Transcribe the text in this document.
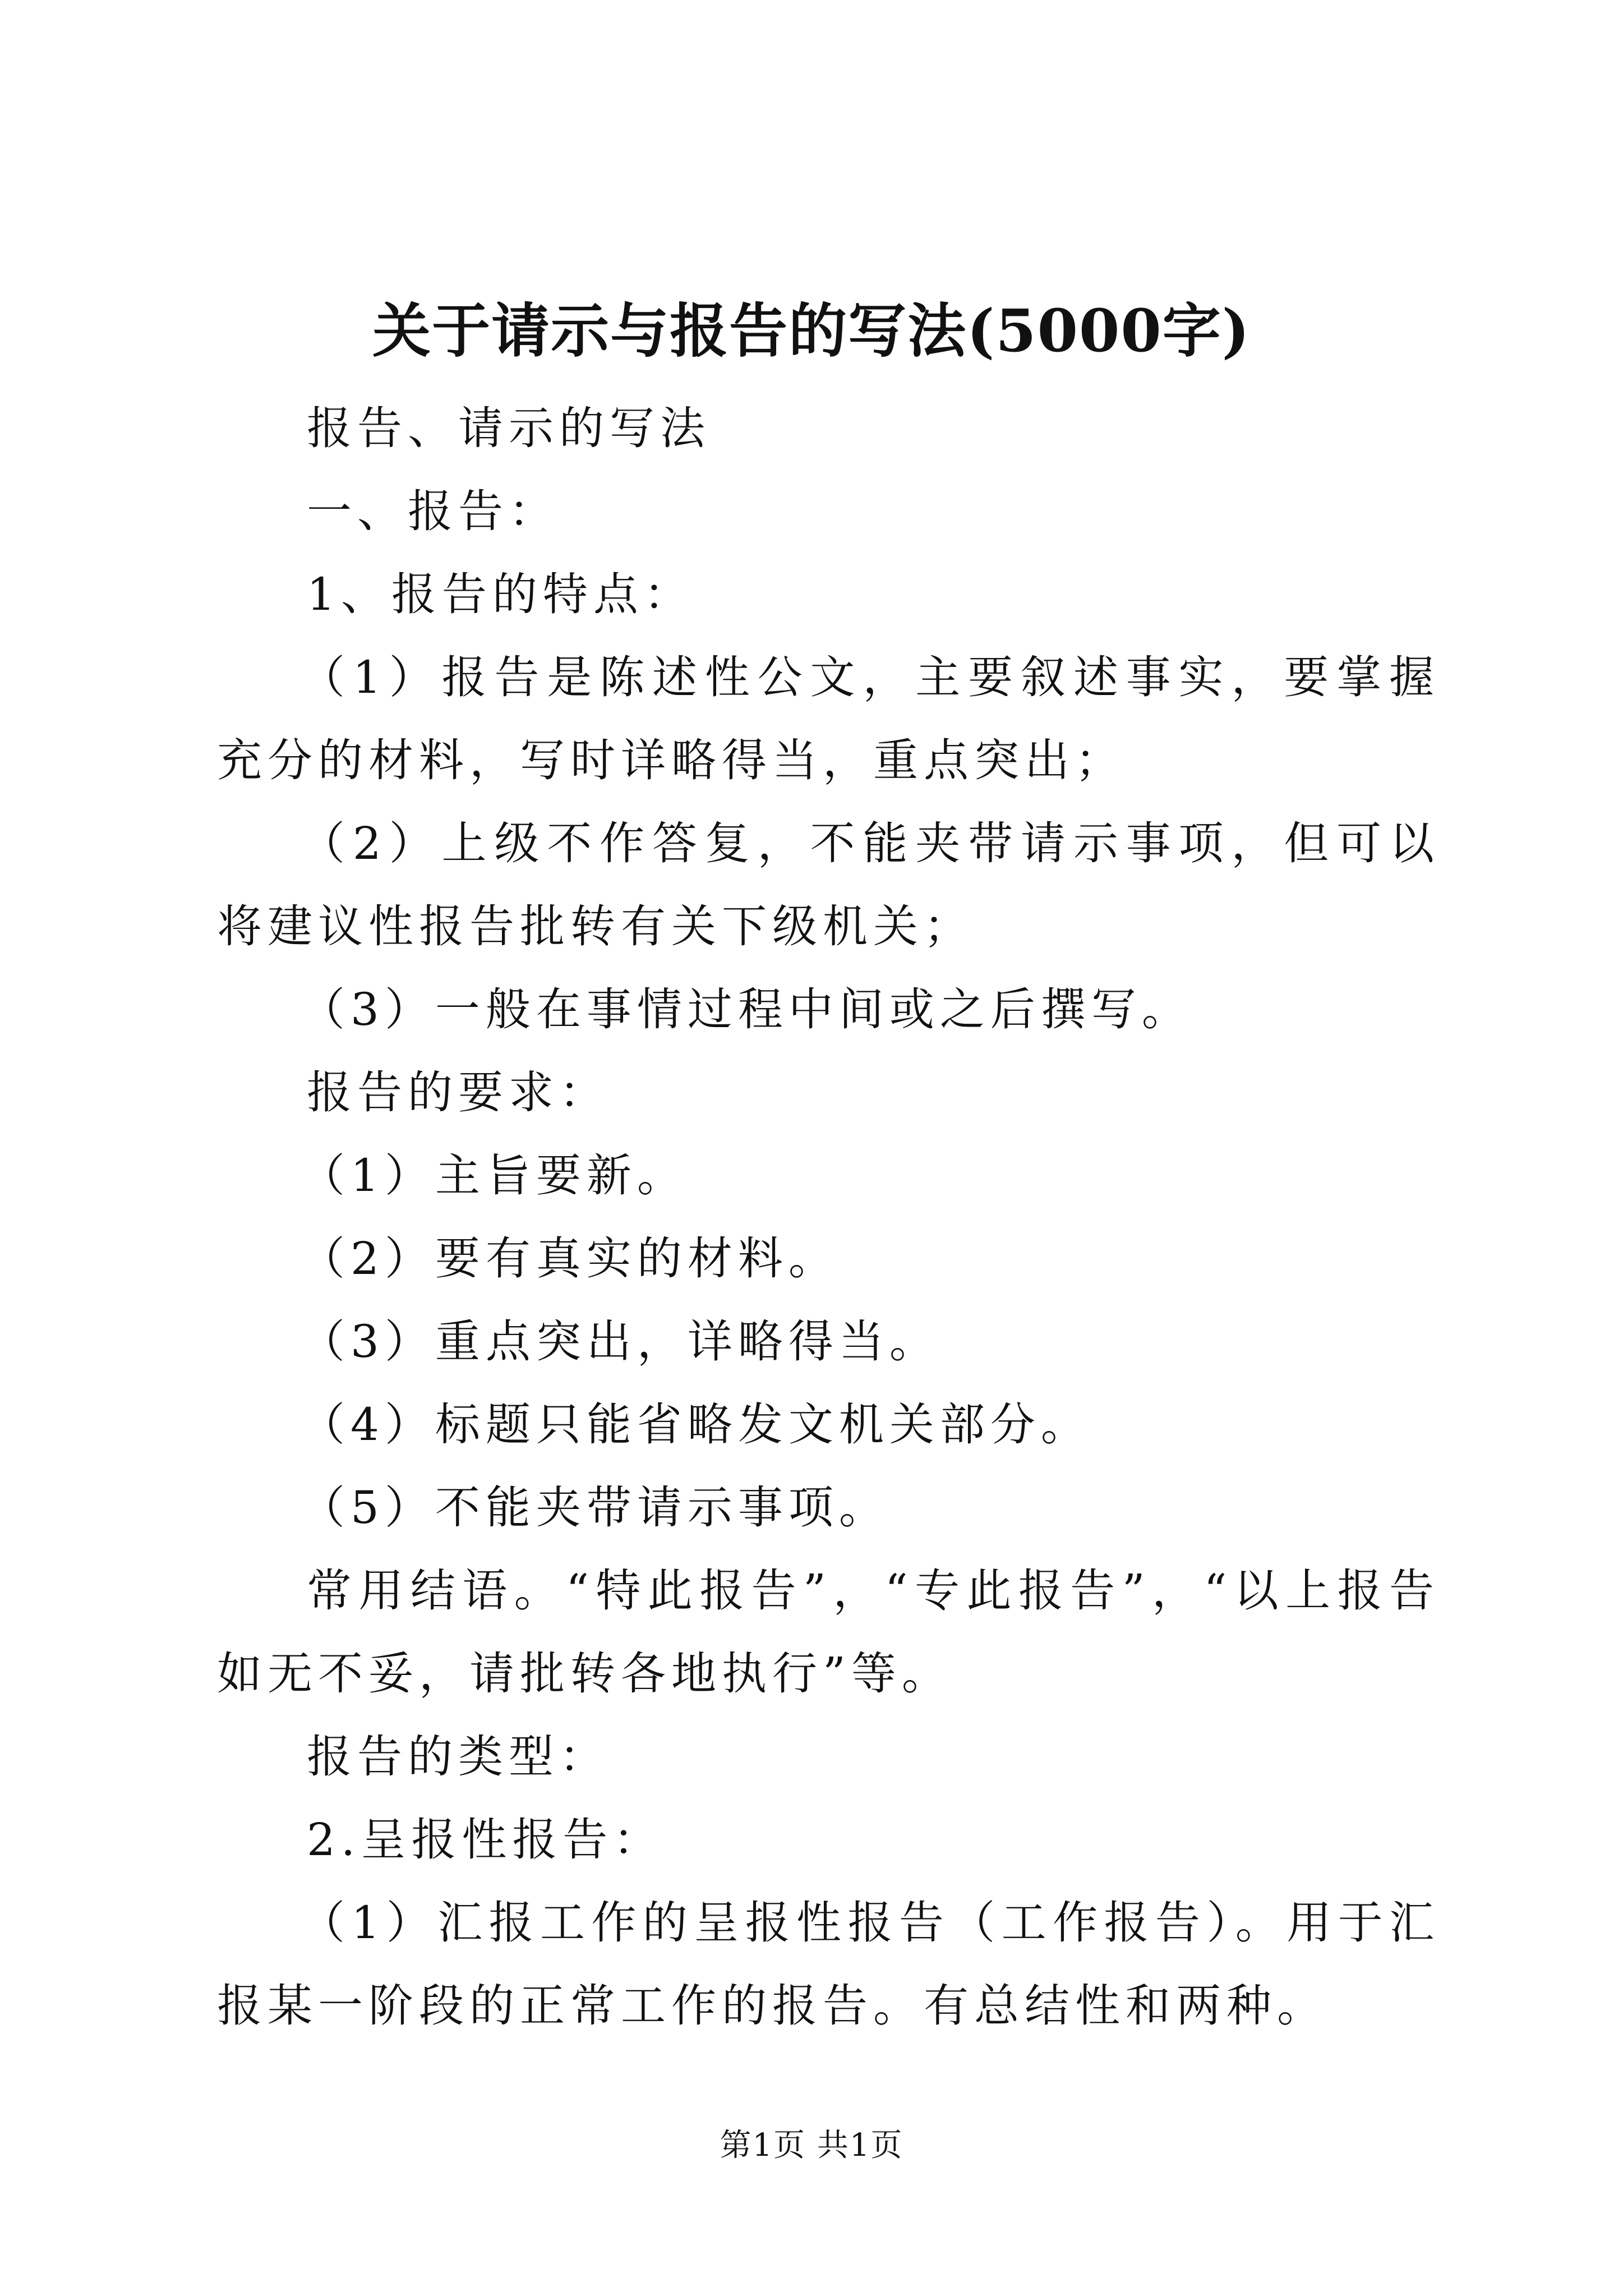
关于请示与报告的写法(5000字)

报告、请示的写法

一、报告：

1、报告的特点：

（1）报告是陈述性公文，主要叙述事实，要掌握充分的材料，写时详略得当，重点突出；

（2）上级不作答复，不能夹带请示事项，但可以将建议性报告批转有关下级机关；

（3）一般在事情过程中间或之后撰写。

报告的要求：

（1）主旨要新。

（2）要有真实的材料。

（3）重点突出，详略得当。

（4）标题只能省略发文机关部分。

（5）不能夹带请示事项。

常用结语。“特此报告”，“专此报告”，“以上报告如无不妥，请批转各地执行”等。

报告的类型：

2.呈报性报告：

（1）汇报工作的呈报性报告（工作报告）。用于汇报某一阶段的正常工作的报告。有总结性和两种。

第1页 共1页
